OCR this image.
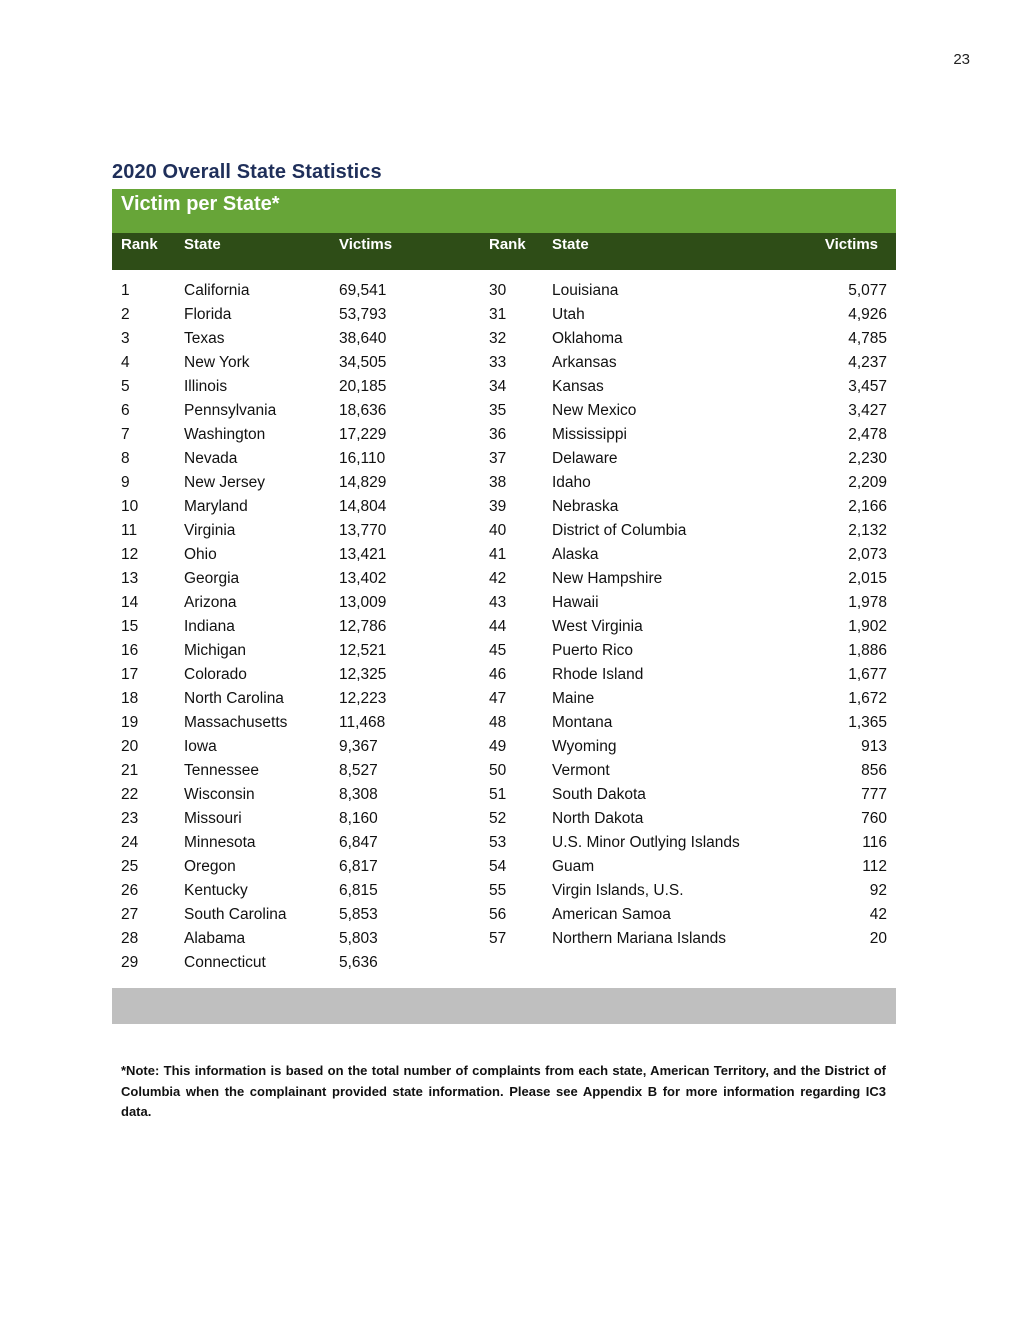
23
2020 Overall State Statistics
Victim per State*
Rank State	Victims	Rank State	Victims
1	California	69,541	30	Louisiana	5,077
2	Florida	53,793	31	Utah	4,926
3	Texas	38,640	32	Oklahoma	4,785
4	New York	34,505	33	Arkansas	4,237
5	Illinois	20,185	34	Kansas	3,457
6	Pennsylvania	18,636	35	New Mexico	3,427
7	Washington	17,229	36	Mississippi	2,478
8	Nevada	16,110	37	Delaware	2,230
9	New Jersey	14,829	38	Idaho	2,209
10	Maryland	14,804	39	Nebraska	2,166
11	Virginia	13,770	40	District of Columbia	2,132
12	Ohio	13,421	41	Alaska	2,073
13	Georgia	13,402	42	New Hampshire	2,015
14	Arizona	13,009	43	Hawaii	1,978
15	Indiana	12,786	44	West Virginia	1,902
16	Michigan	12,521	45	Puerto Rico	1,886
17	Colorado	12,325	46	Rhode Island	1,677
18	North Carolina	12,223	47	Maine	1,672
19	Massachusetts	11,468	48	Montana	1,365
20	Iowa	9,367	49	Wyoming	913
21	Tennessee	8,527	50	Vermont	856
22	Wisconsin	8,308	51	South Dakota	777
23	Missouri	8,160	52	North Dakota	760
24	Minnesota	6,847	53	U.S. Minor Outlying Islands	116
25	Oregon	6,817	54	Guam	112
26	Kentucky	6,815	55	Virgin Islands, U.S.	92
27	South Carolina	5,853	56	American Samoa	42
28	Alabama	5,803	57	Northern Mariana Islands	20
29	Connecticut	5,636
*Note: This information is based on the total number of complaints from each state, American Territory, and the District of Columbia when the complainant provided state information. Please see Appendix B for more information regarding IC3 data.
